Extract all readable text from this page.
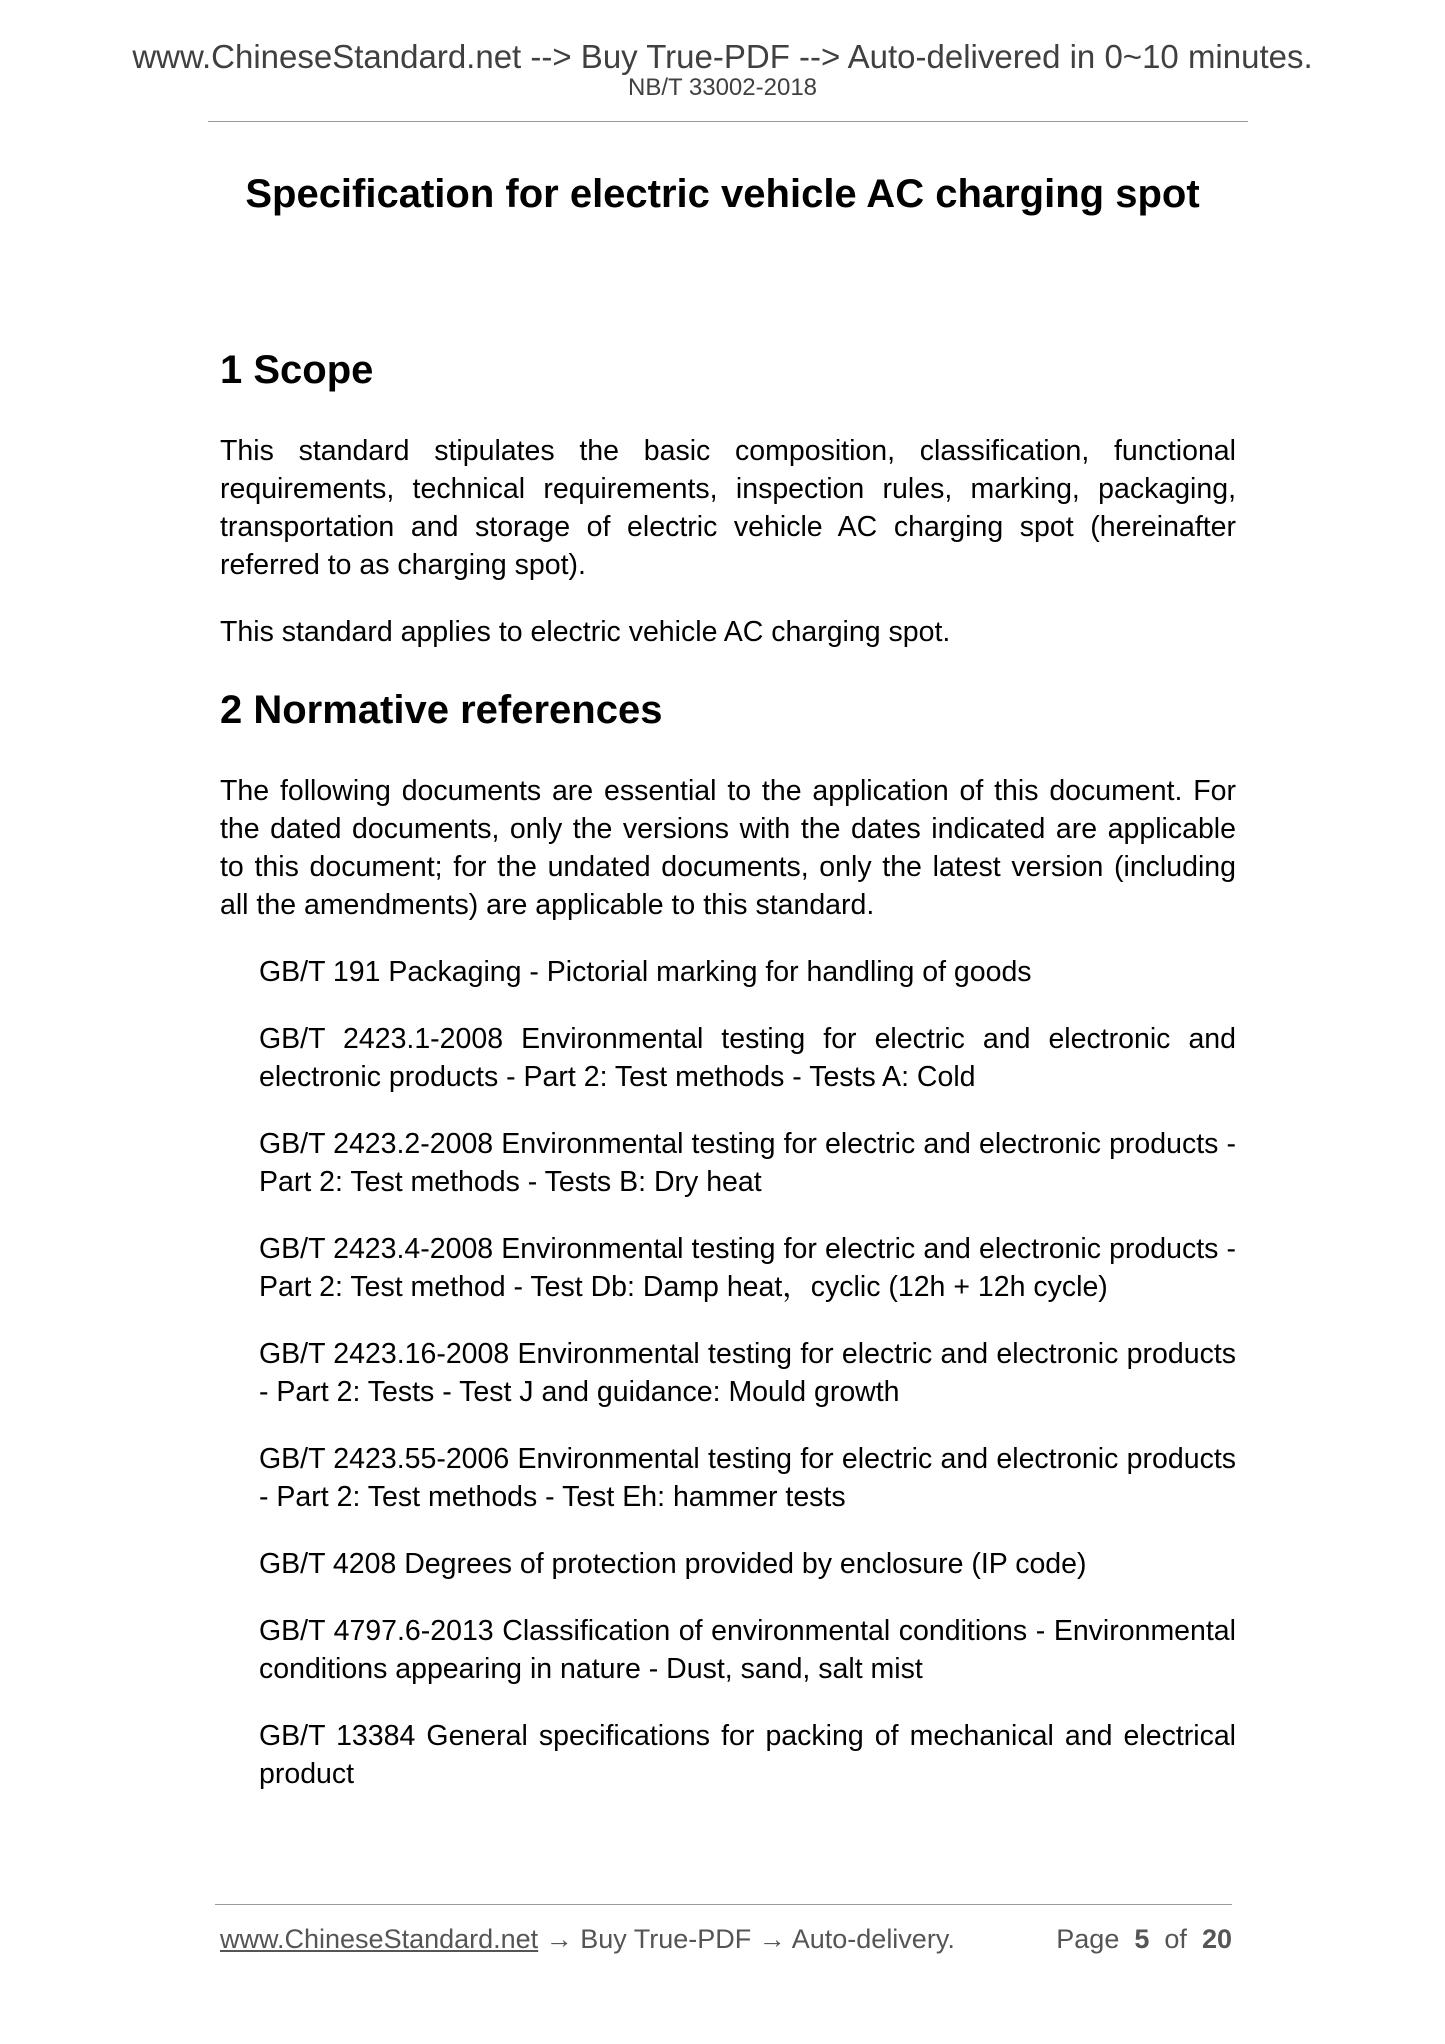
www.ChineseStandard.net --> Buy True-PDF --> Auto-delivered in 0~10 minutes.
NB/T 33002-2018
Specification for electric vehicle AC charging spot
1 Scope

This standard stipulates the basic composition, classification, functional requirements, technical requirements, inspection rules, marking, packaging, transportation and storage of electric vehicle AC charging spot (hereinafter referred to as charging spot).

This standard applies to electric vehicle AC charging spot.

2 Normative references

The following documents are essential to the application of this document. For the dated documents, only the versions with the dates indicated are applicable to this document; for the undated documents, only the latest version (including all the amendments) are applicable to this standard.

GB/T 191 Packaging - Pictorial marking for handling of goods
GB/T 2423.1-2008 Environmental testing for electric and electronic and electronic products - Part 2: Test methods - Tests A: Cold
GB/T 2423.2-2008 Environmental testing for electric and electronic products - Part 2: Test methods - Tests B: Dry heat
GB/T 2423.4-2008 Environmental testing for electric and electronic products - Part 2: Test method - Test Db: Damp heat，cyclic (12h + 12h cycle)
GB/T 2423.16-2008 Environmental testing for electric and electronic products - Part 2: Tests - Test J and guidance: Mould growth
GB/T 2423.55-2006 Environmental testing for electric and electronic products - Part 2: Test methods - Test Eh: hammer tests
GB/T 4208 Degrees of protection provided by enclosure (IP code)
GB/T 4797.6-2013 Classification of environmental conditions - Environmental conditions appearing in nature - Dust, sand, salt mist
GB/T 13384 General specifications for packing of mechanical and electrical product
www.ChineseStandard.net → Buy True-PDF → Auto-delivery.	Page 5 of 20
